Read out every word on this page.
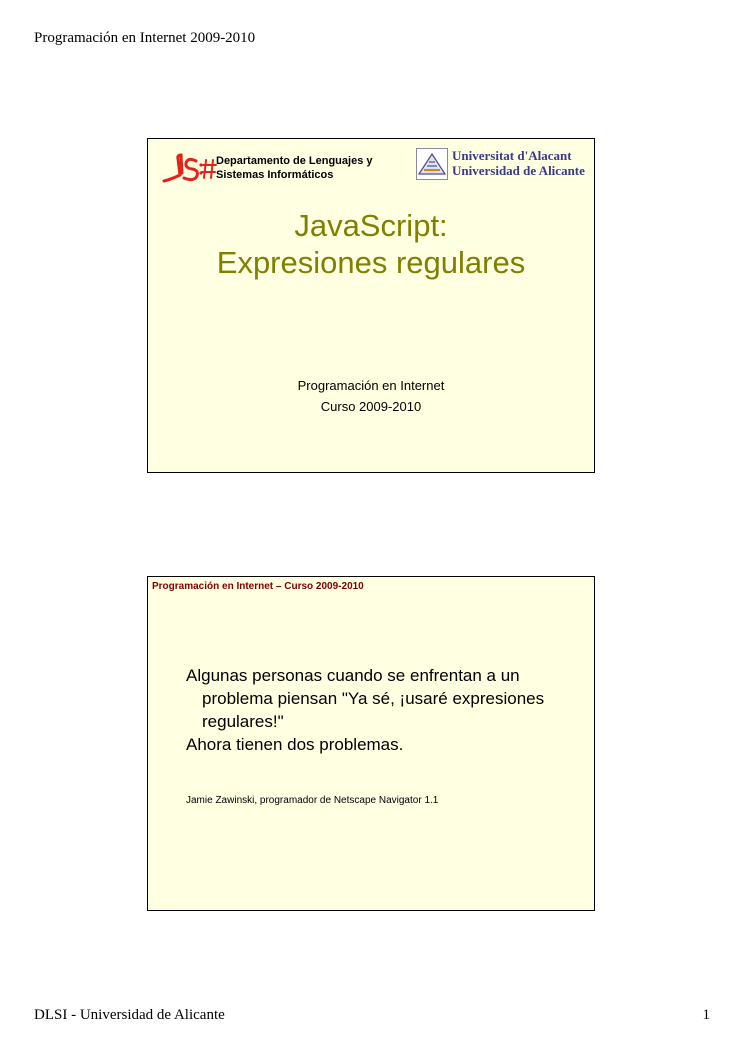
Programación en Internet 2009-2010
Departamento de Lenguajes y
Sistemas Informáticos
Universitat d'Alacant
Universidad de Alicante
JavaScript:
Expresiones regulares
Programación en Internet
Curso 2009-2010
Programación en Internet – Curso 2009-2010

Algunas personas cuando se enfrentan a un problema piensan "Ya sé, ¡usaré expresiones regulares!"

Ahora tienen dos problemas.

Jamie Zawinski, programador de Netscape Navigator 1.1
DLSI - Universidad de Alicante	1
